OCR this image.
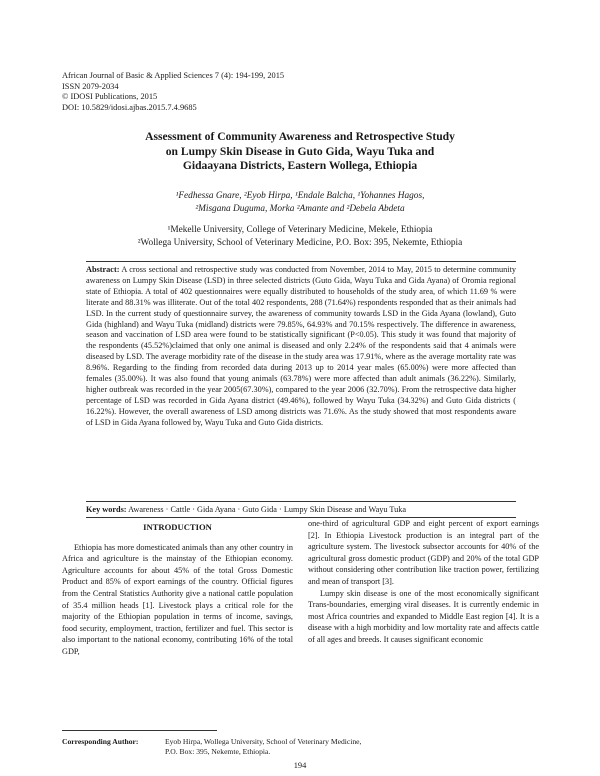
African Journal of Basic & Applied Sciences 7 (4): 194-199, 2015
ISSN 2079-2034
© IDOSI Publications, 2015
DOI: 10.5829/idosi.ajbas.2015.7.4.9685
Assessment of Community Awareness and Retrospective Study
on Lumpy Skin Disease in Guto Gida, Wayu Tuka and
Gidaayana Districts, Eastern Wollega, Ethiopia
¹Fedhessa Gnare, ²Eyob Hirpa, ¹Endale Balcha, ¹Yohannes Hagos,
²Misgana Duguma, Morka ²Amante and ²Debela Abdeta
¹Mekelle University, College of Veterinary Medicine, Mekele, Ethiopia
²Wollega University, School of Veterinary Medicine, P.O. Box: 395, Nekemte, Ethiopia
Abstract: A cross sectional and retrospective study was conducted from November, 2014 to May, 2015 to determine community awareness on Lumpy Skin Disease (LSD) in three selected districts (Guto Gida, Wayu Tuka and Gida Ayana) of Oromia regional state of Ethiopia. A total of 402 questionnaires were equally distributed to households of the study area, of which 11.69 % were literate and 88.31% was illiterate. Out of the total 402 respondents, 288 (71.64%) respondents responded that as their animals had LSD. In the current study of questionnaire survey, the awareness of community towards LSD in the Gida Ayana (lowland), Guto Gida (highland) and Wayu Tuka (midland) districts were 79.85%, 64.93% and 70.15% respectively. The difference in awareness, season and vaccination of LSD area were found to be statistically significant (P<0.05). This study it was found that majority of the respondents (45.52%)claimed that only one animal is diseased and only 2.24% of the respondents said that 4 animals were diseased by LSD. The average morbidity rate of the disease in the study area was 17.91%, where as the average mortality rate was 8.96%. Regarding to the finding from recorded data during 2013 up to 2014 year males (65.00%) were more affected than females (35.00%). It was also found that young animals (63.78%) were more affected than adult animals (36.22%). Similarly, higher outbreak was recorded in the year 2005(67.30%), compared to the year 2006 (32.70%). From the retrospective data higher percentage of LSD was recorded in Gida Ayana district (49.46%), followed by Wayu Tuka (34.32%) and Guto Gida districts ( 16.22%). However, the overall awareness of LSD among districts was 71.6%. As the study showed that most respondents aware of LSD in Gida Ayana followed by, Wayu Tuka and Guto Gida districts.
Key words: Awareness · Cattle · Gida Ayana · Guto Gida · Lumpy Skin Disease and Wayu Tuka
INTRODUCTION

Ethiopia has more domesticated animals than any other country in Africa and agriculture is the mainstay of the Ethiopian economy. Agriculture accounts for about 45% of the total Gross Domestic Product and 85% of export earnings of the country. Official figures from the Central Statistics Authority give a national cattle population of 35.4 million heads [1]. Livestock plays a critical role for the majority of the Ethiopian population in terms of income, savings, food security, employment, traction, fertilizer and fuel. This sector is also important to the national economy, contributing 16% of the total GDP,

one-third of agricultural GDP and eight percent of export earnings [2]. In Ethiopia Livestock production is an integral part of the agriculture system. The livestock subsector accounts for 40% of the agricultural gross domestic product (GDP) and 20% of the total GDP without considering other contribution like traction power, fertilizing and mean of transport [3].

Lumpy skin disease is one of the most economically significant Trans-boundaries, emerging viral diseases. It is currently endemic in most Africa countries and expanded to Middle East region [4]. It is a disease with a high morbidity and low mortality rate and affects cattle of all ages and breeds. It causes significant economic

Corresponding Author:	Eyob Hirpa, Wollega University, School of Veterinary Medicine,
P.O. Box: 395, Nekemte, Ethiopia.
194
